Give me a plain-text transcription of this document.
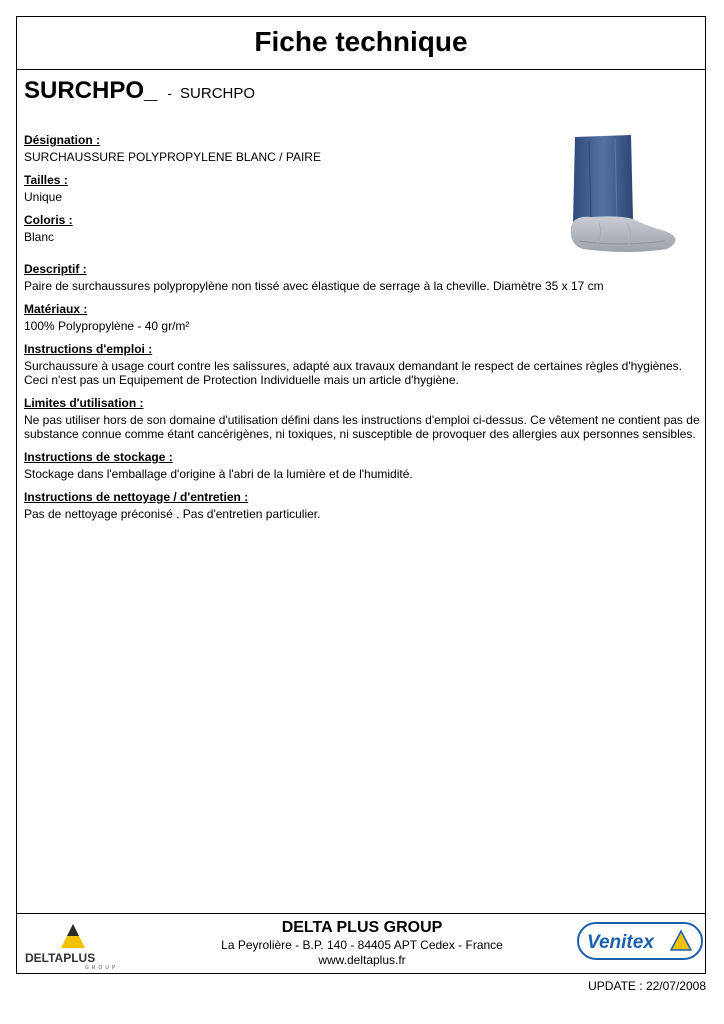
Fiche technique
SURCHPO_ - SURCHPO
Désignation :
SURCHAUSSURE POLYPROPYLENE BLANC / PAIRE
Tailles :
Unique
Coloris :
Blanc
Descriptif :
Paire de surchaussures polypropylène non tissé avec élastique de serrage à la cheville. Diamètre 35 x 17 cm
Matériaux :
100% Polypropylène - 40 gr/m²
Instructions d'emploi :
Surchaussure à usage court contre les salissures, adapté aux travaux demandant le respect de certaines règles d'hygiènes.
Ceci n'est pas un Equipement de Protection Individuelle mais un article d'hygiène.
Limites d'utilisation :
Ne pas utiliser hors de son domaine d'utilisation défini dans les instructions d'emploi ci-dessus. Ce vêtement ne contient pas de substance connue comme étant cancérigènes, ni toxiques, ni susceptible de provoquer des allergies aux personnes sensibles.
Instructions de stockage :
Stockage dans l'emballage d'origine à l'abri de la lumière et de l'humidité.
Instructions de nettoyage / d'entretien :
Pas de nettoyage préconisé . Pas d'entretien particulier.
DELTAPLUS
GROUP
DELTA PLUS GROUP
La Peyrolière - B.P. 140 - 84405 APT Cedex - France
www.deltaplus.fr
Venitex
UPDATE : 22/07/2008
